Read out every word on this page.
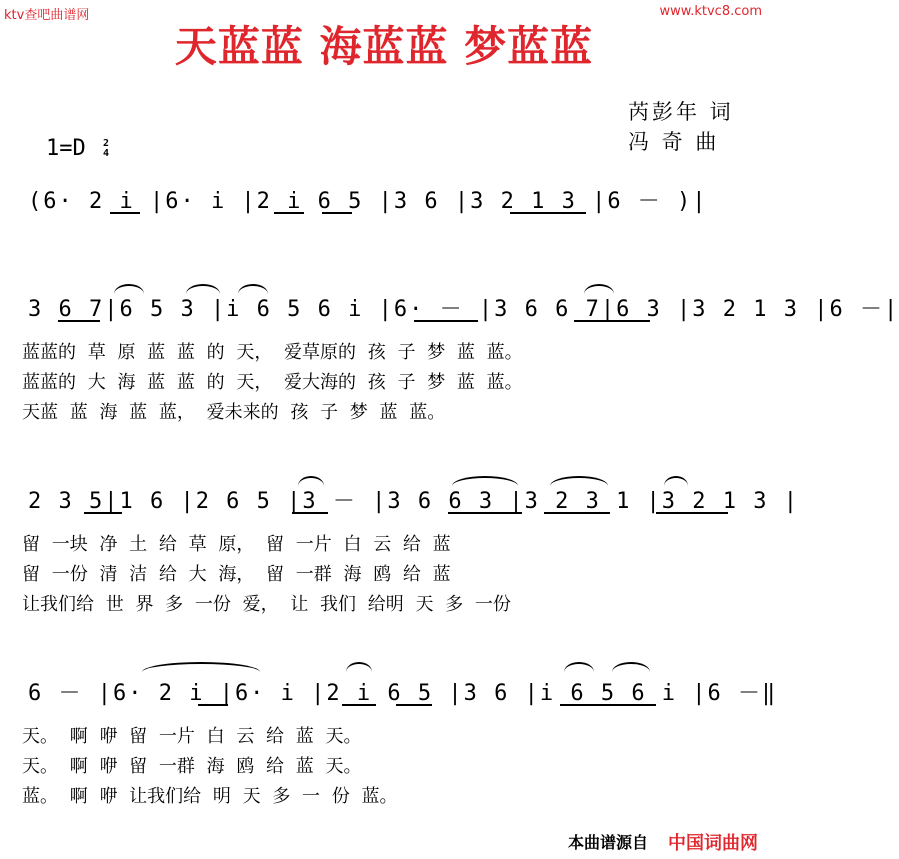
ktv查吧曲谱网	www.ktvc8.com
天蓝蓝 海蓝蓝 梦蓝蓝
芮彭年 词
冯 奇 曲
1=D 2
4
(6· 2 i |6· i |2 i 6 5 |3 6 |3 2 1 3 |6 － )|
3 6 7|6 5 3 |i 6 5 6 i |6· － |3 6 6 7|6 3 |3 2 1 3 |6 －|
蓝蓝的 草 原 蓝 蓝 的 天， 爱草原的 孩 子 梦 蓝 蓝。
蓝蓝的 大 海 蓝 蓝 的 天， 爱大海的 孩 子 梦 蓝 蓝。
天蓝 蓝 海 蓝 蓝， 爱未来的 孩 子 梦 蓝 蓝。
2 3 5|1 6 |2 6 5 |3 － |3 6 6 3 |3 2 3 1 |3 2 1 3 |
留 一块 净 土 给 草 原， 留 一片 白 云 给 蓝
留 一份 清 洁 给 大 海， 留 一群 海 鸥 给 蓝
让我们给 世 界 多 一份 爱， 让 我们 给明 天 多 一份
6 － |6· 2 i |6· i |2 i 6 5 |3 6 |i 6 5 6 i |6 －‖
天。 啊 咿 留 一片 白 云 给 蓝 天。
天。 啊 咿 留 一群 海 鸥 给 蓝 天。
蓝。 啊 咿 让我们给 明 天 多 一 份 蓝。
本曲谱源自 中国词曲网
